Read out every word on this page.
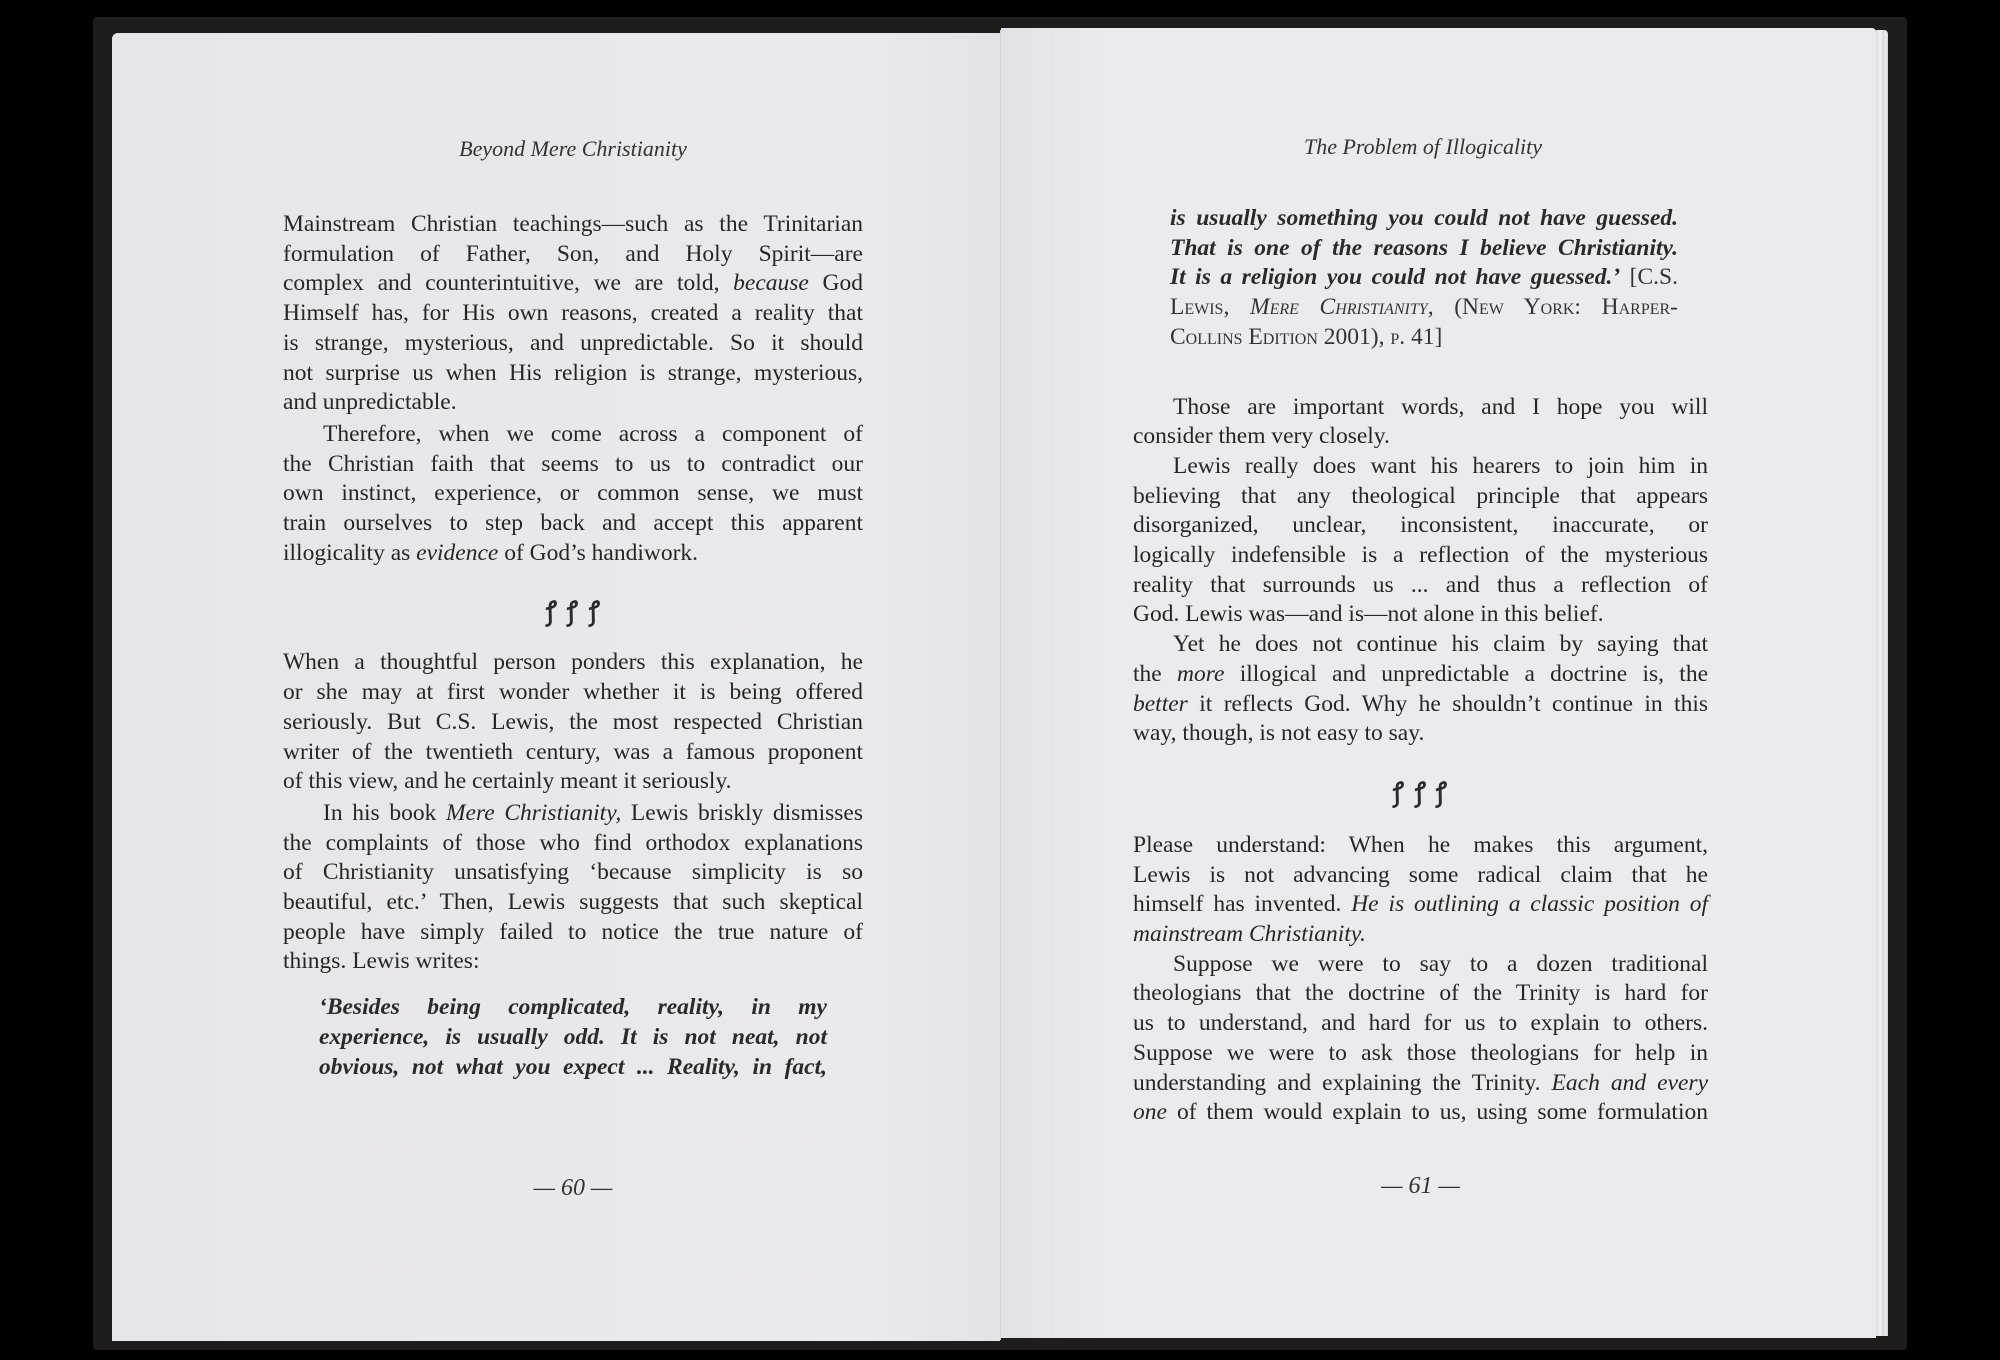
Beyond Mere Christianity
Mainstream Christian teachings—such as the Trinitarian
formulation of Father, Son, and Holy Spirit—are
complex and counterintuitive, we are told, because God
Himself has, for His own reasons, created a reality that
is strange, mysterious, and unpredictable. So it should
not surprise us when His religion is strange, mysterious,
and unpredictable.
Therefore, when we come across a component of
the Christian faith that seems to us to contradict our
own instinct, experience, or common sense, we must
train ourselves to step back and accept this apparent
illogicality as evidence of God’s handiwork.
ꝭꝭꝭ
When a thoughtful person ponders this explanation, he
or she may at first wonder whether it is being offered
seriously. But C.S. Lewis, the most respected Christian
writer of the twentieth century, was a famous proponent
of this view, and he certainly meant it seriously.
In his book Mere Christianity, Lewis briskly dismisses
the complaints of those who find orthodox explanations
of Christianity unsatisfying ‘because simplicity is so
beautiful, etc.’ Then, Lewis suggests that such skeptical
people have simply failed to notice the true nature of
things. Lewis writes:
‘Besides being complicated, reality, in my
experience, is usually odd. It is not neat, not
obvious, not what you expect ... Reality, in fact,
— 60 —
The Problem of Illogicality
is usually something you could not have guessed.
That is one of the reasons I believe Christianity.
It is a religion you could not have guessed.’ [C.S.
Lewis, Mere Christianity, (New York: Harper-
Collins Edition 2001), p. 41]
Those are important words, and I hope you will
consider them very closely.
Lewis really does want his hearers to join him in
believing that any theological principle that appears
disorganized, unclear, inconsistent, inaccurate, or
logically indefensible is a reflection of the mysterious
reality that surrounds us ... and thus a reflection of
God. Lewis was—and is—not alone in this belief.
Yet he does not continue his claim by saying that
the more illogical and unpredictable a doctrine is, the
better it reflects God. Why he shouldn’t continue in this
way, though, is not easy to say.
ꝭꝭꝭ
Please understand: When he makes this argument,
Lewis is not advancing some radical claim that he
himself has invented. He is outlining a classic position of
mainstream Christianity.
Suppose we were to say to a dozen traditional
theologians that the doctrine of the Trinity is hard for
us to understand, and hard for us to explain to others.
Suppose we were to ask those theologians for help in
understanding and explaining the Trinity. Each and every
one of them would explain to us, using some formulation
— 61 —
